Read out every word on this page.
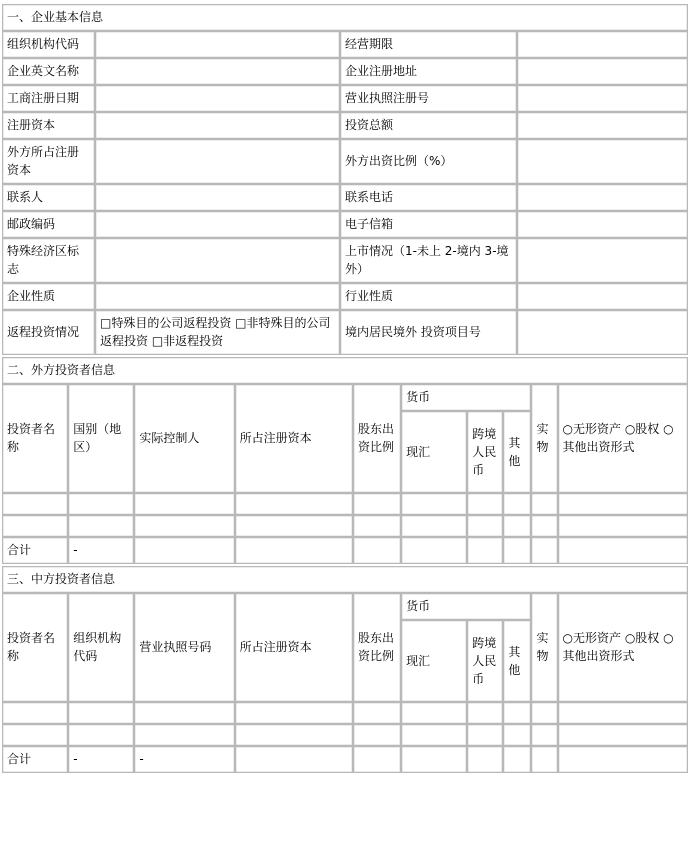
一、企业基本信息			
组织机构代码		经营期限	
企业英文名称		企业注册地址	
工商注册日期		营业执照注册号	
注册资本		投资总额	
外方所占注册资本		外方出资比例（%）	
联系人		联系电话	
邮政编码		电子信箱	
特殊经济区标志		上市情况（1-未上 2-境内 3-境外）	
企业性质		行业性质	
返程投资情况	□特殊目的公司返程投资 □非特殊目的公司返程投资 □非返程投资	境内居民境外 投资项目号	

二、外方投资者信息									
投资者名称	国别（地区）	实际控制人	所占注册资本	股东出资比例	货币			实物	○无形资产 ○股权 ○其他出资形式
					现汇	跨境人民币	其他		

合计	-								

三、中方投资者信息									
投资者名称	组织机构代码	营业执照号码	所占注册资本	股东出资比例	货币			实物	○无形资产 ○股权 ○其他出资形式
					现汇	跨境人民币	其他		

合计	-	-							
